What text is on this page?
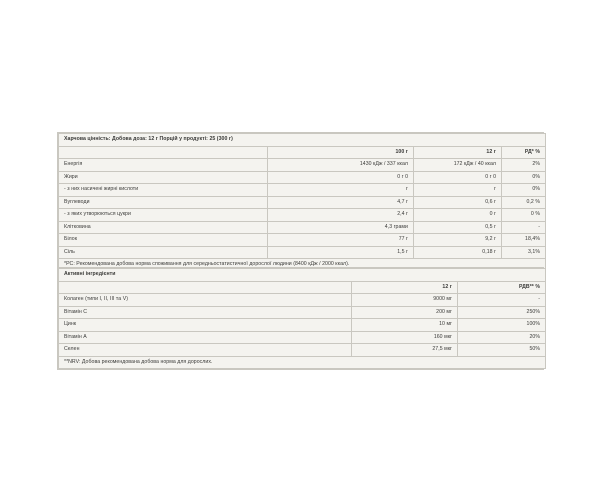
Харчова цінність: Добова доза: 12 г Порцій у продукті: 25 (300 г)			
	100 г	12 г	РД* %
Енергія	1430 кДж / 337 ккал	172 кДж / 40 ккал	2%
Жири	0 г 0	0 г 0	0%
- з них насичені жирні кислоти	г	г	0%
Вуглеводи	4,7 г	0,6 г	0,2 %
- з яких утворюються цукри	2,4 г	0 г	0 %
Клітковина	4,3 грами	0,5 г	-
Білок	77 г	9,2 г	18,4%
Сіль	1,5 г	0,18 г	3,1%
*РС: Рекомендована добова норма споживання для середньостатистичної дорослої людини (8400 кДж / 2000 ккал).			
Активні інгредієнти		
	12 г	РДВ** %
Колаген (типи I, II, III та V)	9000 мг	-
Вітамін С	200 мг	250%
Цинк	10 мг	100%
Вітамін А	160 мкг	20%
Селен	27,5 мкг	50%
**NRV: Добова рекомендована добова норма для дорослих.		
